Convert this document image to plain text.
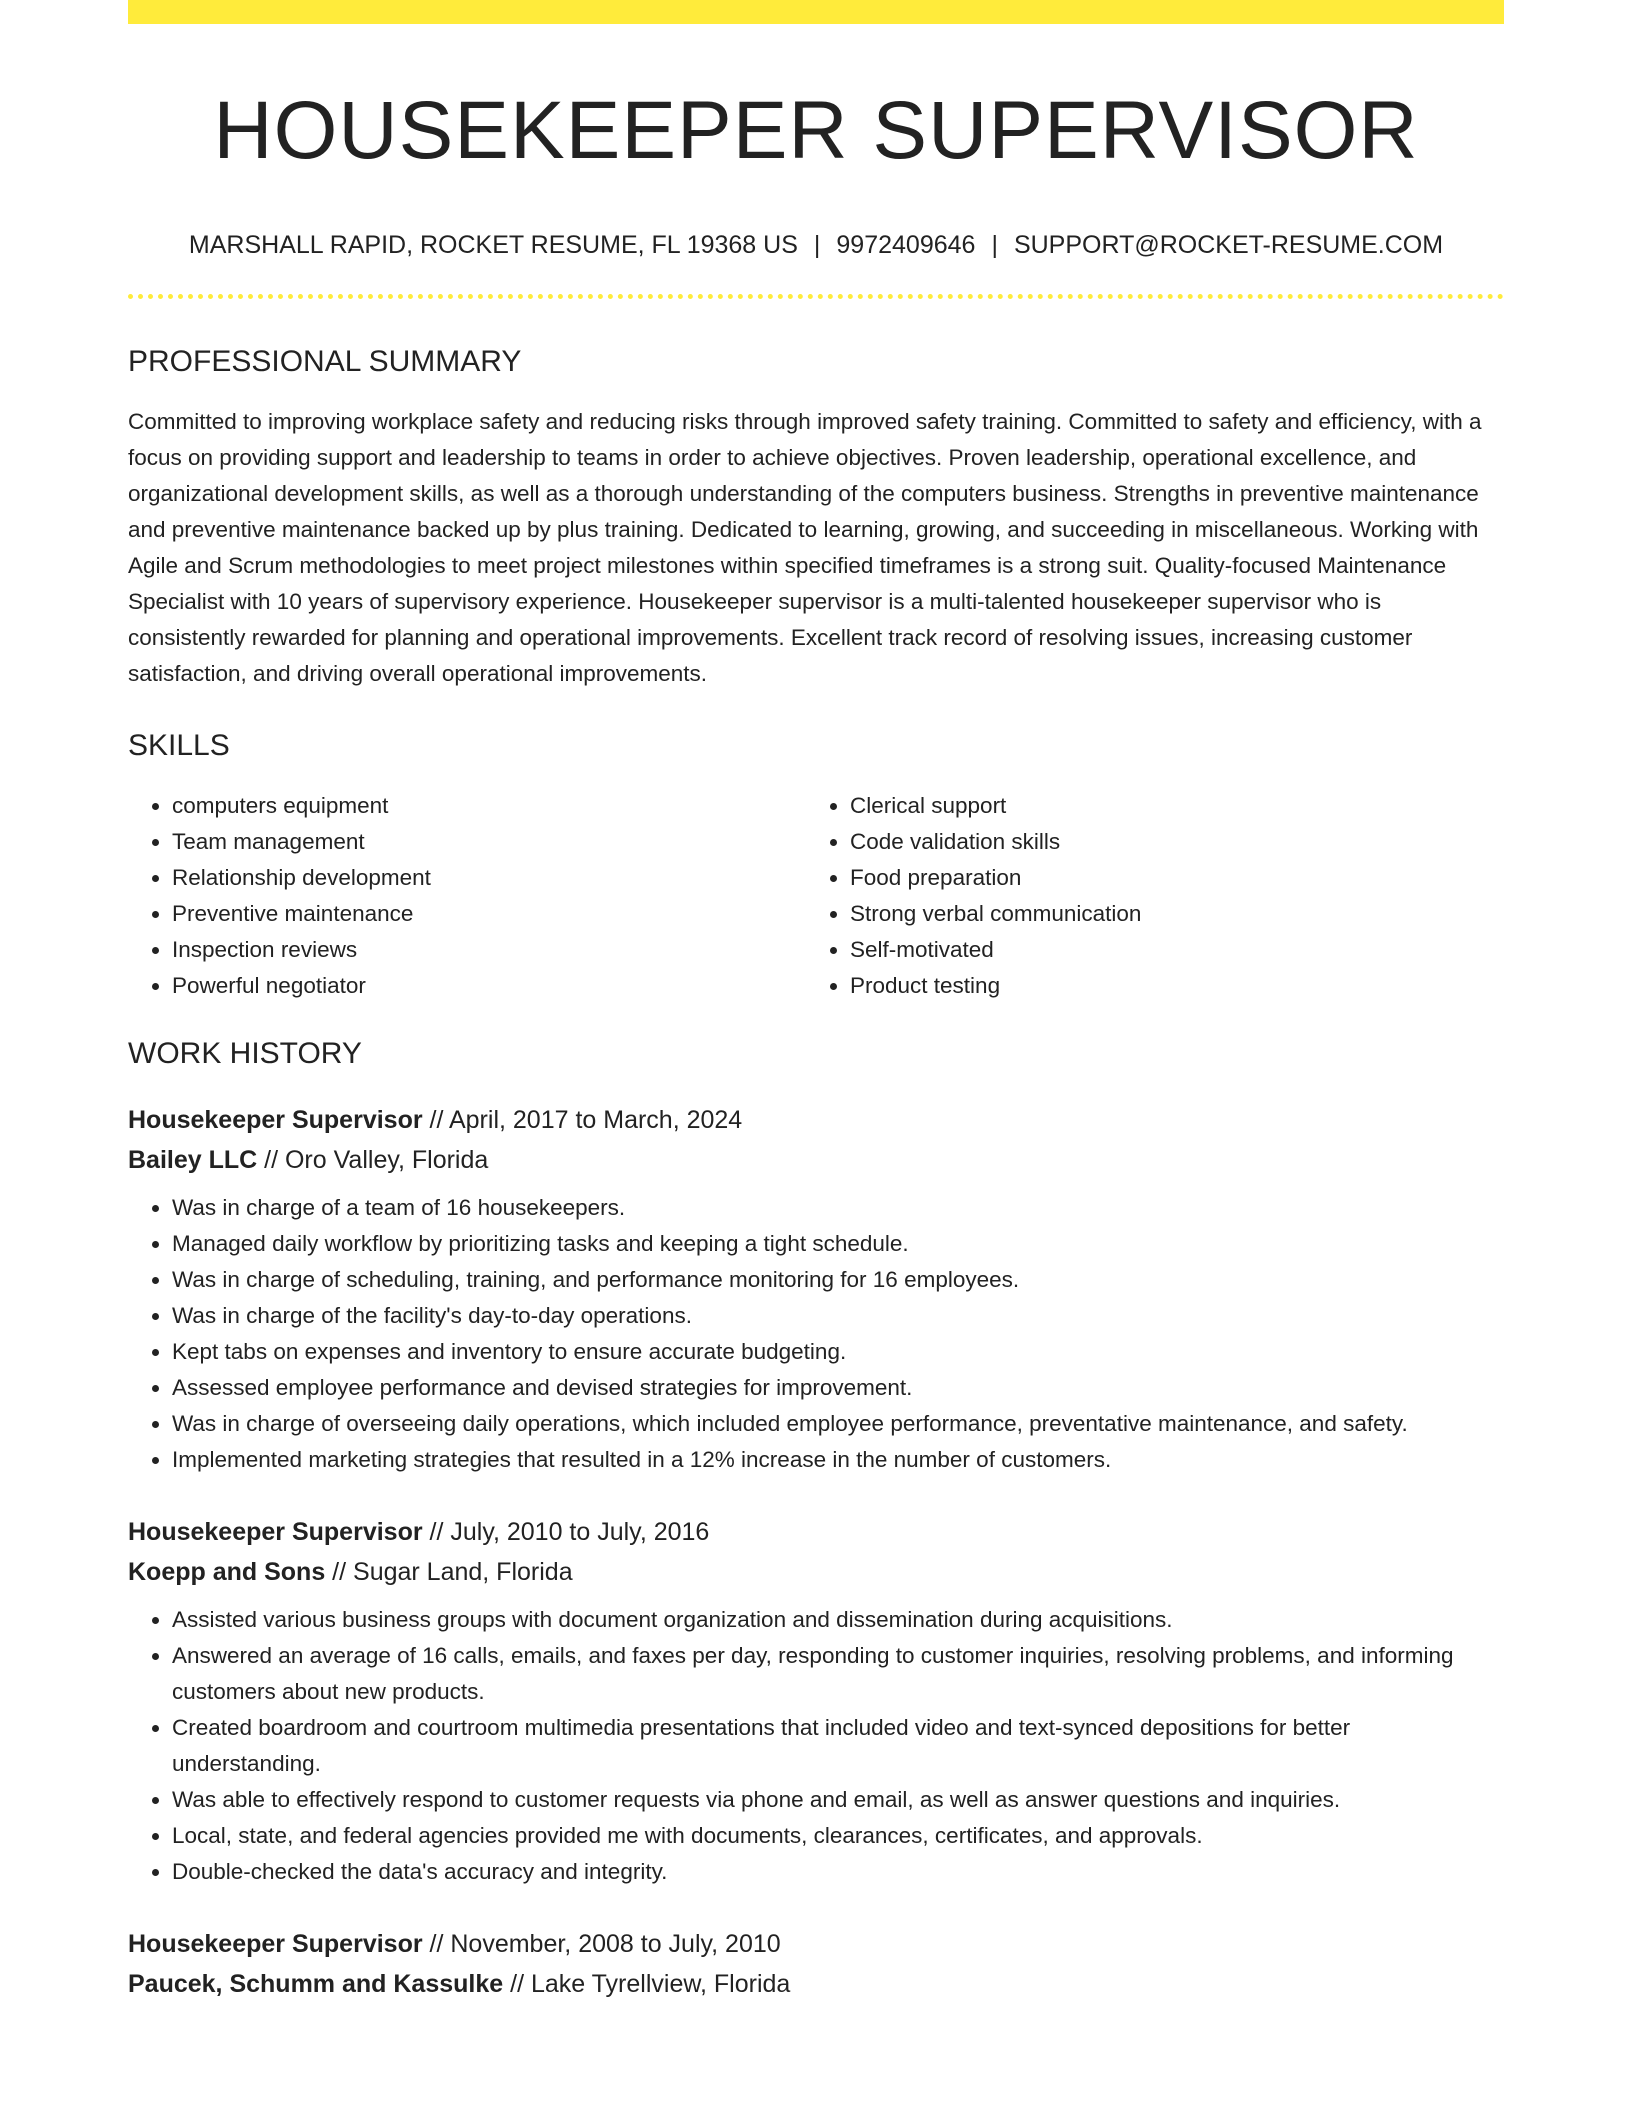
HOUSEKEEPER SUPERVISOR
MARSHALL RAPID, ROCKET RESUME, FL 19368 US | 9972409646 | SUPPORT@ROCKET-RESUME.COM
PROFESSIONAL SUMMARY
Committed to improving workplace safety and reducing risks through improved safety training. Committed to safety and efficiency, with a focus on providing support and leadership to teams in order to achieve objectives. Proven leadership, operational excellence, and organizational development skills, as well as a thorough understanding of the computers business. Strengths in preventive maintenance and preventive maintenance backed up by plus training. Dedicated to learning, growing, and succeeding in miscellaneous. Working with Agile and Scrum methodologies to meet project milestones within specified timeframes is a strong suit. Quality-focused Maintenance Specialist with 10 years of supervisory experience. Housekeeper supervisor is a multi-talented housekeeper supervisor who is consistently rewarded for planning and operational improvements. Excellent track record of resolving issues, increasing customer satisfaction, and driving overall operational improvements.
SKILLS
• computers equipment
• Team management
• Relationship development
• Preventive maintenance
• Inspection reviews
• Powerful negotiator
• Clerical support
• Code validation skills
• Food preparation
• Strong verbal communication
• Self-motivated
• Product testing
WORK HISTORY
Housekeeper Supervisor // April, 2017 to March, 2024
Bailey LLC // Oro Valley, Florida
• Was in charge of a team of 16 housekeepers.
• Managed daily workflow by prioritizing tasks and keeping a tight schedule.
• Was in charge of scheduling, training, and performance monitoring for 16 employees.
• Was in charge of the facility's day-to-day operations.
• Kept tabs on expenses and inventory to ensure accurate budgeting.
• Assessed employee performance and devised strategies for improvement.
• Was in charge of overseeing daily operations, which included employee performance, preventative maintenance, and safety.
• Implemented marketing strategies that resulted in a 12% increase in the number of customers.
Housekeeper Supervisor // July, 2010 to July, 2016
Koepp and Sons // Sugar Land, Florida
• Assisted various business groups with document organization and dissemination during acquisitions.
• Answered an average of 16 calls, emails, and faxes per day, responding to customer inquiries, resolving problems, and informing customers about new products.
• Created boardroom and courtroom multimedia presentations that included video and text-synced depositions for better understanding.
• Was able to effectively respond to customer requests via phone and email, as well as answer questions and inquiries.
• Local, state, and federal agencies provided me with documents, clearances, certificates, and approvals.
• Double-checked the data's accuracy and integrity.
Housekeeper Supervisor // November, 2008 to July, 2010
Paucek, Schumm and Kassulke // Lake Tyrellview, Florida
